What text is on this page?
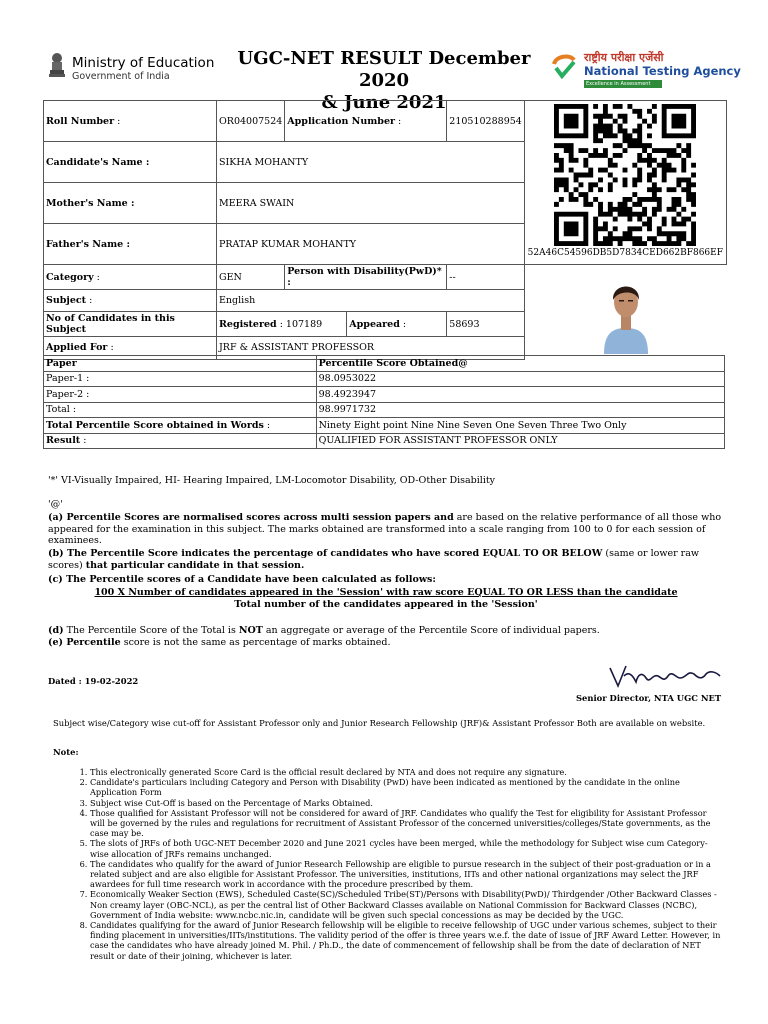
Ministry of Education
Government of India
UGC-NET RESULT December 2020
& June 2021
राष्ट्रीय परीक्षा एजेंसी
National Testing Agency
Excellence in Assessment
Roll Number :	OR04007524	Application Number :		210510288954	52A46C54596DB5D7834CED662BF866EF

Candidate's Name :	SIKHA MOHANTY				
Mother's Name :	MEERA SWAIN				
Father's Name :	PRATAP KUMAR MOHANTY				
Category :	GEN	Person with Disability(PwD)* :		--	

Subject :	English				
No of Candidates in this Subject	Registered : 107189		Appeared :	58693	
Applied For :	JRF & ASSISTANT PROFESSOR				
Paper	Percentile Score Obtained@
Paper-1 :	98.0953022
Paper-2 :	98.4923947
Total :	98.9971732
Total Percentile Score obtained in Words :	Ninety Eight point Nine Nine Seven One Seven Three Two Only
Result :	QUALIFIED FOR ASSISTANT PROFESSOR ONLY
'*' VI-Visually Impaired, HI- Hearing Impaired, LM-Locomotor Disability, OD-Other Disability
'@'
(a) Percentile Scores are normalised scores across multi session papers and are based on the relative performance of all those who appeared for the examination in this subject. The marks obtained are transformed into a scale ranging from 100 to 0 for each session of examinees.
(b) The Percentile Score indicates the percentage of candidates who have scored EQUAL TO OR BELOW (same or lower raw scores) that particular candidate in that session.
(c) The Percentile scores of a Candidate have been calculated as follows:
100 X Number of candidates appeared in the 'Session' with raw score EQUAL TO OR LESS than the candidate
Total number of the candidates appeared in the 'Session'
(d) The Percentile Score of the Total is NOT an aggregate or average of the Percentile Score of individual papers.
(e) Percentile score is not the same as percentage of marks obtained.
Dated : 19-02-2022
Senior Director, NTA UGC NET
Subject wise/Category wise cut-off for Assistant Professor only and Junior Research Fellowship (JRF)& Assistant Professor Both are available on website.
Note:
1. This electronically generated Score Card is the official result declared by NTA and does not require any signature.
2. Candidate's particulars including Category and Person with Disability (PwD) have been indicated as mentioned by the candidate in the online Application Form
3. Subject wise Cut-Off is based on the Percentage of Marks Obtained.
4. Those qualified for Assistant Professor will not be considered for award of JRF. Candidates who qualify the Test for eligibility for Assistant Professor will be governed by the rules and regulations for recruitment of Assistant Professor of the concerned universities/colleges/State governments, as the case may be.
5. The slots of JRFs of both UGC-NET December 2020 and June 2021 cycles have been merged, while the methodology for Subject wise cum Category-wise allocation of JRFs remains unchanged.
6. The candidates who qualify for the award of Junior Research Fellowship are eligible to pursue research in the subject of their post-graduation or in a related subject and are also eligible for Assistant Professor. The universities, institutions, IITs and other national organizations may select the JRF awardees for full time research work in accordance with the procedure prescribed by them.
7. Economically Weaker Section (EWS), Scheduled Caste(SC)/Scheduled Tribe(ST)/Persons with Disability(PwD)/ Thirdgender /Other Backward Classes -Non creamy layer (OBC-NCL), as per the central list of Other Backward Classes available on National Commission for Backward Classes (NCBC), Government of India website: www.ncbc.nic.in, candidate will be given such special concessions as may be decided by the UGC.
8. Candidates qualifying for the award of Junior Research fellowship will be eligible to receive fellowship of UGC under various schemes, subject to their finding placement in universities/IITs/institutions. The validity period of the offer is three years w.e.f. the date of issue of JRF Award Letter. However, in case the candidates who have already joined M. Phil. / Ph.D., the date of commencement of fellowship shall be from the date of declaration of NET result or date of their joining, whichever is later.
